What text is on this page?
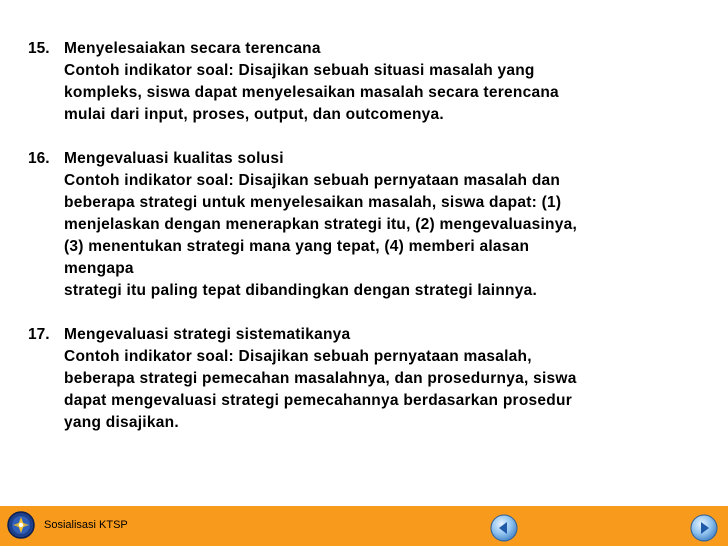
15. Menyelesaiakan secara terencana
Contoh indikator soal: Disajikan sebuah situasi masalah yang
kompleks, siswa dapat menyelesaikan masalah secara terencana
mulai dari input, proses, output, dan outcomenya.
16. Mengevaluasi kualitas solusi
Contoh indikator soal: Disajikan sebuah pernyataan masalah dan
beberapa strategi untuk menyelesaikan masalah, siswa dapat: (1)
menjelaskan dengan menerapkan strategi itu, (2) mengevaluasinya,
(3) menentukan strategi mana yang tepat, (4) memberi alasan
mengapa
strategi itu paling tepat dibandingkan dengan strategi lainnya.
17. Mengevaluasi strategi sistematikanya
Contoh indikator soal: Disajikan sebuah pernyataan masalah,
beberapa strategi pemecahan masalahnya, dan prosedurnya, siswa
dapat mengevaluasi strategi pemecahannya berdasarkan prosedur
yang disajikan.
Sosialisasi KTSP
